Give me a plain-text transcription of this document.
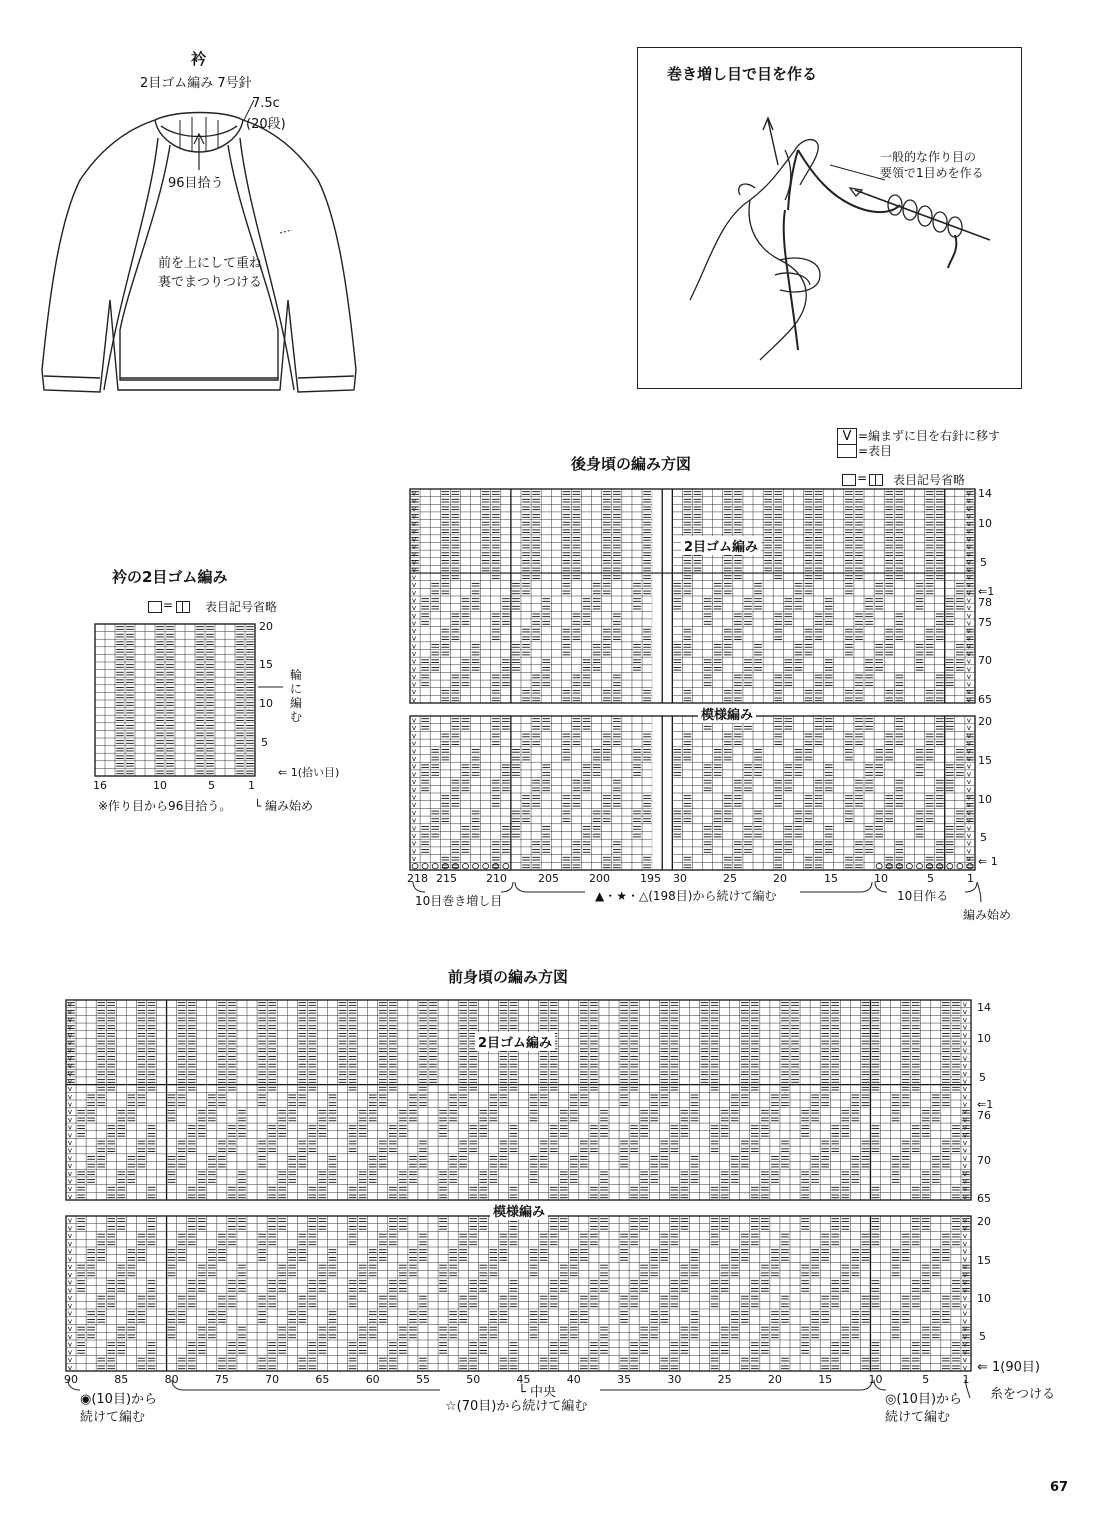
衿
2目ゴム編み 7号針
7.5c
(20段)
96目拾う
前を上にして重ね
裏でまつりつける
巻き増し目で目を作る
一般的な作り目の
要領で1目めを作る
V =編まずに目を右針に移す
=表目
= 表目記号省略
衿の2目ゴム編み
=	表目記号省略
20
15
10
5
⇐ 1(拾い目)
輪に編む
16	10	5	1
※作り目から96目拾う。 └ 編み始め
後身頃の編み方図
v
v
v
v
v
v
v
v
v
v
v
v
v
v
v
v
v
v
v
v
v
v
v
v
v
v
v
v
v
v
v
v
v
v
v
v
v
v
v
v
v
v
v
v
v
v
v
v
v
v
v
v
v
v
v
v
v
v
v
v
v
v
v
v
v
v
v
v
v
v
v
v
v
v
v
v
v
v
v
v
v
v
v
v
v
v
v
v
v
v
v
v
v
v
2目ゴム編み
模様編み
14
10
5
⇐1
78
75
70
65
20
15
10
5
⇐ 1
218 215	210	205	200	195 30	25	20	15	10	5	1
10目巻き増し目	▲・★・△(198目)から続けて編む	10目作る
編み始め
前身頃の編み方図
v
v
v
v
v
v
v
v
v
v
v
v
v
v
v
v
v
v
v
v
v
v
v
v
v
v
v
v
v
v
v
v
v
v
v
v
v
v
v
v
v
v
v
v
v
v
v
v
v
v
v
v
v
v
v
v
v
v
v
v
v
v
v
v
v
v
v
v
v
v
v
v
v
v
v
v
v
v
v
v
v
v
v
v
v
v
v
v
v
v
v
v
2目ゴム編み
模様編み
14
10
5
⇐1
76
70
65
20
15
10
5
⇐ 1(90目)
90	85	80	75	70	65	60	55	50	45	40	35	30	25	20	15	10	5	1
└ 中央
◉(10目)から
続けて編む
☆(70目)から続けて編む	◎(10目)から
続けて編む
糸をつける
67
